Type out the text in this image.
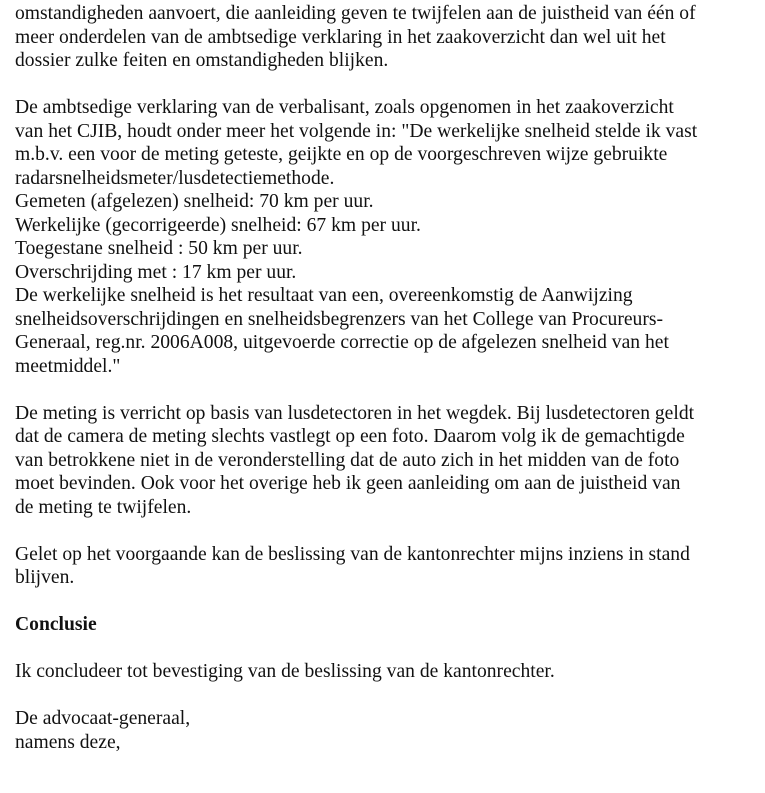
omstandigheden aanvoert, die aanleiding geven te twijfelen aan de juistheid van één of
meer onderdelen van de ambtsedige verklaring in het zaakoverzicht dan wel uit het
dossier zulke feiten en omstandigheden blijken.
De ambtsedige verklaring van de verbalisant, zoals opgenomen in het zaakoverzicht
van het CJIB, houdt onder meer het volgende in: "De werkelijke snelheid stelde ik vast
m.b.v. een voor de meting geteste, geijkte en op de voorgeschreven wijze gebruikte
radarsnelheidsmeter/lusdetectiemethode.
Gemeten (afgelezen) snelheid: 70 km per uur.
Werkelijke (gecorrigeerde) snelheid: 67 km per uur.
Toegestane snelheid : 50 km per uur.
Overschrijding met : 17 km per uur.
De werkelijke snelheid is het resultaat van een, overeenkomstig de Aanwijzing
snelheidsoverschrijdingen en snelheidsbegrenzers van het College van Procureurs-
Generaal, reg.nr. 2006A008, uitgevoerde correctie op de afgelezen snelheid van het
meetmiddel."
De meting is verricht op basis van lusdetectoren in het wegdek. Bij lusdetectoren geldt
dat de camera de meting slechts vastlegt op een foto. Daarom volg ik de gemachtigde
van betrokkene niet in de veronderstelling dat de auto zich in het midden van de foto
moet bevinden. Ook voor het overige heb ik geen aanleiding om aan de juistheid van
de meting te twijfelen.
Gelet op het voorgaande kan de beslissing van de kantonrechter mijns inziens in stand
blijven.
Conclusie
Ik concludeer tot bevestiging van de beslissing van de kantonrechter.
De advocaat-generaal,
namens deze,
